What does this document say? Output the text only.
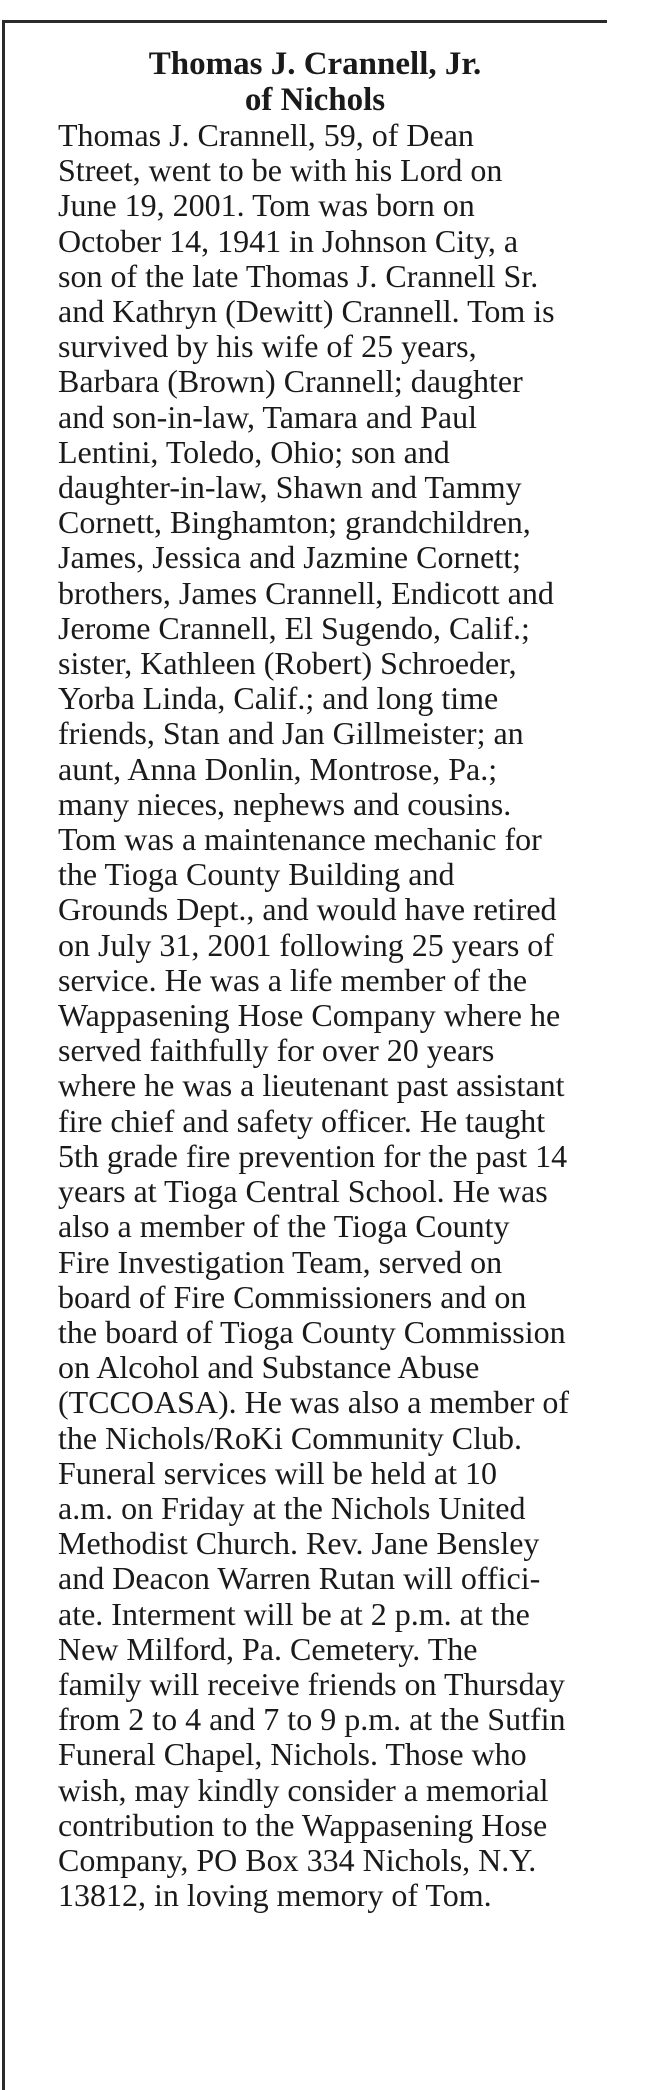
Thomas J. Crannell, Jr.
of Nichols
Thomas J. Crannell, 59, of Dean
Street, went to be with his Lord on
June 19, 2001. Tom was born on
October 14, 1941 in Johnson City, a
son of the late Thomas J. Crannell Sr.
and Kathryn (Dewitt) Crannell. Tom is
survived by his wife of 25 years,
Barbara (Brown) Crannell; daughter
and son-in-law, Tamara and Paul
Lentini, Toledo, Ohio; son and
daughter-in-law, Shawn and Tammy
Cornett, Binghamton; grandchildren,
James, Jessica and Jazmine Cornett;
brothers, James Crannell, Endicott and
Jerome Crannell, El Sugendo, Calif.;
sister, Kathleen (Robert) Schroeder,
Yorba Linda, Calif.; and long time
friends, Stan and Jan Gillmeister; an
aunt, Anna Donlin, Montrose, Pa.;
many nieces, nephews and cousins.
Tom was a maintenance mechanic for
the Tioga County Building and
Grounds Dept., and would have retired
on July 31, 2001 following 25 years of
service. He was a life member of the
Wappasening Hose Company where he
served faithfully for over 20 years
where he was a lieutenant past assistant
fire chief and safety officer. He taught
5th grade fire prevention for the past 14
years at Tioga Central School. He was
also a member of the Tioga County
Fire Investigation Team, served on
board of Fire Commissioners and on
the board of Tioga County Commission
on Alcohol and Substance Abuse
(TCCOASA). He was also a member of
the Nichols/RoKi Community Club.
Funeral services will be held at 10
a.m. on Friday at the Nichols United
Methodist Church. Rev. Jane Bensley
and Deacon Warren Rutan will offici-
ate. Interment will be at 2 p.m. at the
New Milford, Pa. Cemetery. The
family will receive friends on Thursday
from 2 to 4 and 7 to 9 p.m. at the Sutfin
Funeral Chapel, Nichols. Those who
wish, may kindly consider a memorial
contribution to the Wappasening Hose
Company, PO Box 334 Nichols, N.Y.
13812, in loving memory of Tom.
